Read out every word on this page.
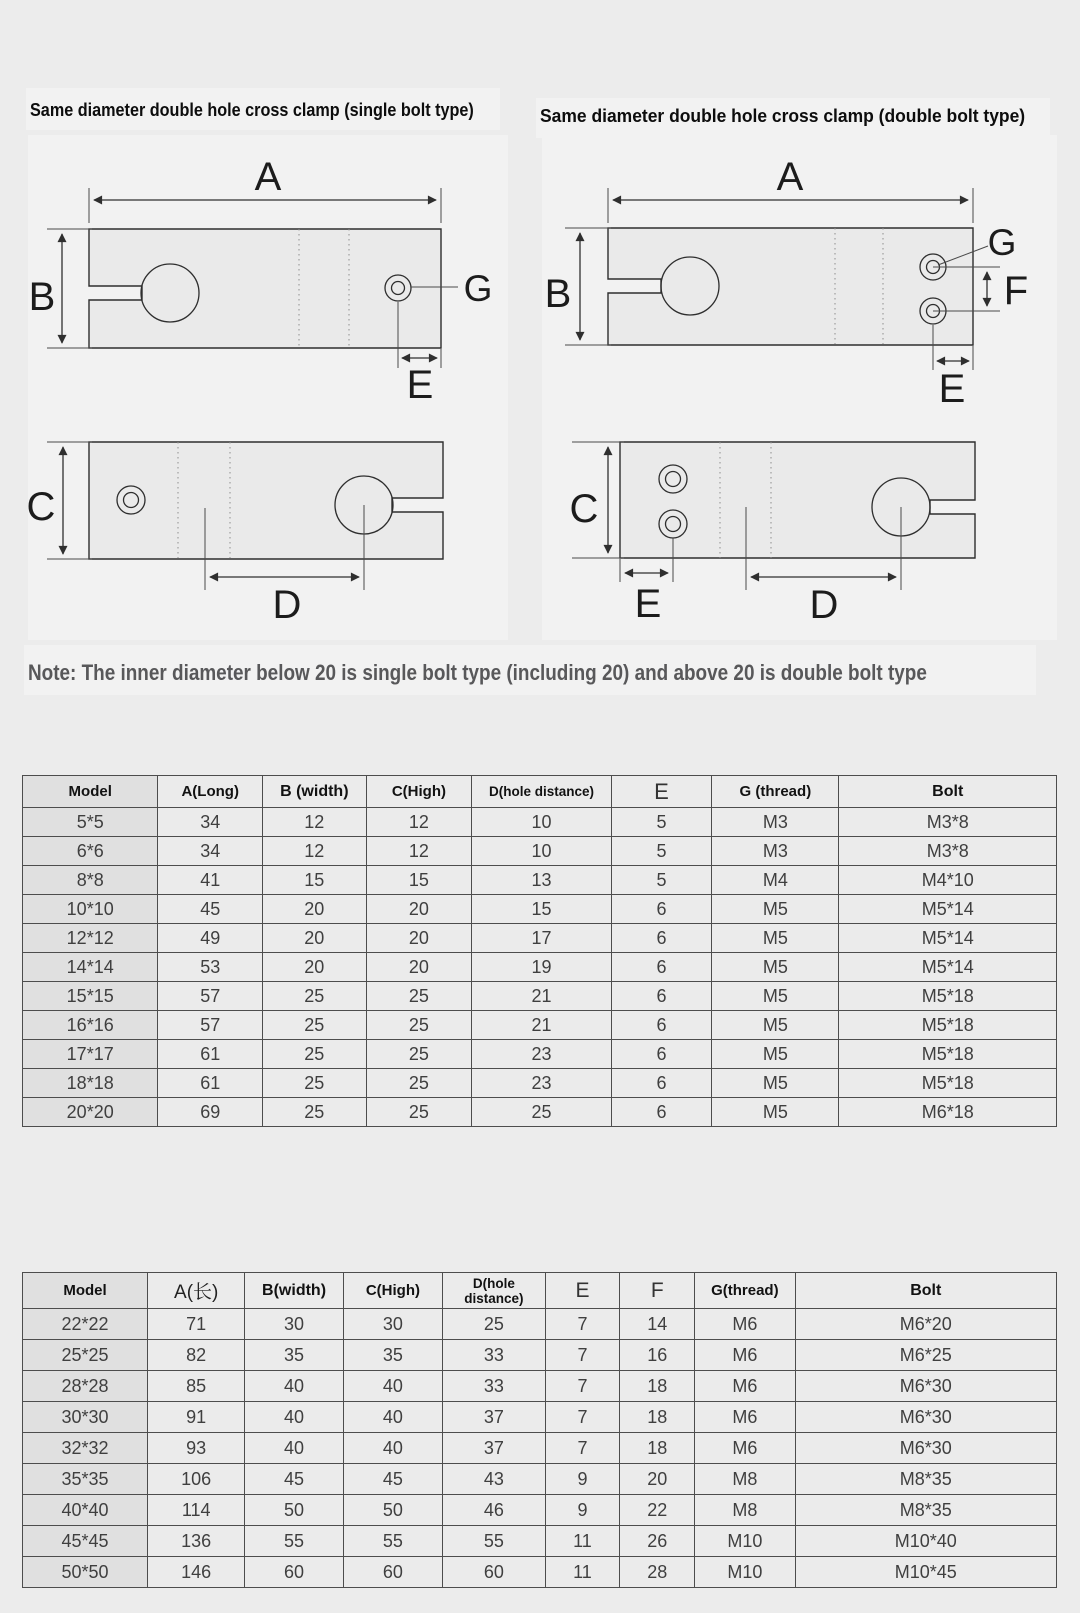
Same diameter double hole cross clamp (single bolt type)	Same diameter double hole cross clamp (double bolt type)
G
A
B
E
C
D
A
B
G
F
E
C
E	D
Note: The inner diameter below 20 is single bolt type (including 20) and above 20 is double bolt type
Model	A(Long)	B (width)	C(High)	D(hole distance)	E	G (thread)	Bolt
5*5	34	12	12	10	5	M3	M3*8
6*6	34	12	12	10	5	M3	M3*8
8*8	41	15	15	13	5	M4	M4*10
10*10	45	20	20	15	6	M5	M5*14
12*12	49	20	20	17	6	M5	M5*14
14*14	53	20	20	19	6	M5	M5*14
15*15	57	25	25	21	6	M5	M5*18
16*16	57	25	25	21	6	M5	M5*18
17*17	61	25	25	23	6	M5	M5*18
18*18	61	25	25	23	6	M5	M5*18
20*20	69	25	25	25	6	M5	M6*18
Model	A(长)	B(width)	C(High)	D(hole distance)	E	F	G(thread)	Bolt
22*22	71	30	30	25	7	14	M6	M6*20
25*25	82	35	35	33	7	16	M6	M6*25
28*28	85	40	40	33	7	18	M6	M6*30
30*30	91	40	40	37	7	18	M6	M6*30
32*32	93	40	40	37	7	18	M6	M6*30
35*35	106	45	45	43	9	20	M8	M8*35
40*40	114	50	50	46	9	22	M8	M8*35
45*45	136	55	55	55	11	26	M10	M10*40
50*50	146	60	60	60	11	28	M10	M10*45
